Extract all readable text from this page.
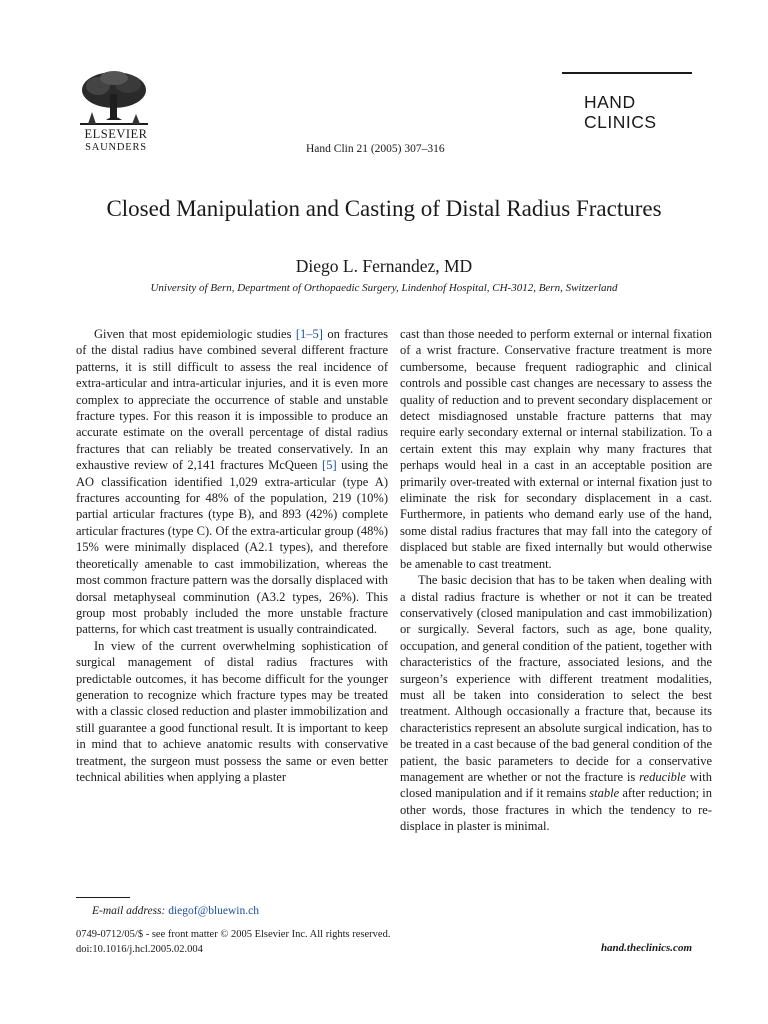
ELSEVIER
SAUNDERS	Hand Clin 21 (2005) 307–316
HAND
CLINICS
Closed Manipulation and Casting of Distal Radius Fractures
Diego L. Fernandez, MD
University of Bern, Department of Orthopaedic Surgery, Lindenhof Hospital, CH-3012, Bern, Switzerland

Given that most epidemiologic studies [1–5] on fractures of the distal radius have combined several different fracture patterns, it is still difficult to assess the real incidence of extra-articular and intra-articular injuries, and it is even more complex to appreciate the occurrence of stable and unstable fracture types. For this reason it is impossible to produce an accurate estimate on the overall percentage of distal radius fractures that can reliably be treated conservatively. In an exhaustive review of 2,141 fractures McQueen [5] using the AO classification identified 1,029 extra-articular (type A) fractures accounting for 48% of the population, 219 (10%) partial articular fractures (type B), and 893 (42%) complete articular fractures (type C). Of the extra-articular group (48%) 15% were minimally displaced (A2.1 types), and therefore theoretically amenable to cast immobilization, whereas the most common fracture pattern was the dorsally displaced with dorsal metaphyseal comminution (A3.2 types, 26%). This group most probably included the more unstable fracture patterns, for which cast treatment is usually contraindicated.

In view of the current overwhelming sophistication of surgical management of distal radius fractures with predictable outcomes, it has become difficult for the younger generation to recognize which fracture types may be treated with a classic closed reduction and plaster immobilization and still guarantee a good functional result. It is important to keep in mind that to achieve anatomic results with conservative treatment, the surgeon must possess the same or even better technical abilities when applying a plaster

cast than those needed to perform external or internal fixation of a wrist fracture. Conservative fracture treatment is more cumbersome, because frequent radiographic and clinical controls and possible cast changes are necessary to assess the quality of reduction and to prevent secondary displacement or detect misdiagnosed unstable fracture patterns that may require early secondary external or internal stabilization. To a certain extent this may explain why many fractures that perhaps would heal in a cast in an acceptable position are primarily over-treated with external or internal fixation just to eliminate the risk for secondary displacement in a cast. Furthermore, in patients who demand early use of the hand, some distal radius fractures that may fall into the category of displaced but stable are fixed internally but would otherwise be amenable to cast treatment.

The basic decision that has to be taken when dealing with a distal radius fracture is whether or not it can be treated conservatively (closed manipulation and cast immobilization) or surgically. Several factors, such as age, bone quality, occupation, and general condition of the patient, together with characteristics of the fracture, associated lesions, and the surgeon’s experience with different treatment modalities, must all be taken into consideration to select the best treatment. Although occasionally a fracture that, because its characteristics represent an absolute surgical indication, has to be treated in a cast because of the bad general condition of the patient, the basic parameters to decide for a conservative management are whether or not the fracture is reducible with closed manipulation and if it remains stable after reduction; in other words, those fractures in which the tendency to re-displace in plaster is minimal.

E-mail address: diegof@bluewin.ch
0749-0712/05/$ - see front matter © 2005 Elsevier Inc. All rights reserved.
doi:10.1016/j.hcl.2005.02.004	hand.theclinics.com
